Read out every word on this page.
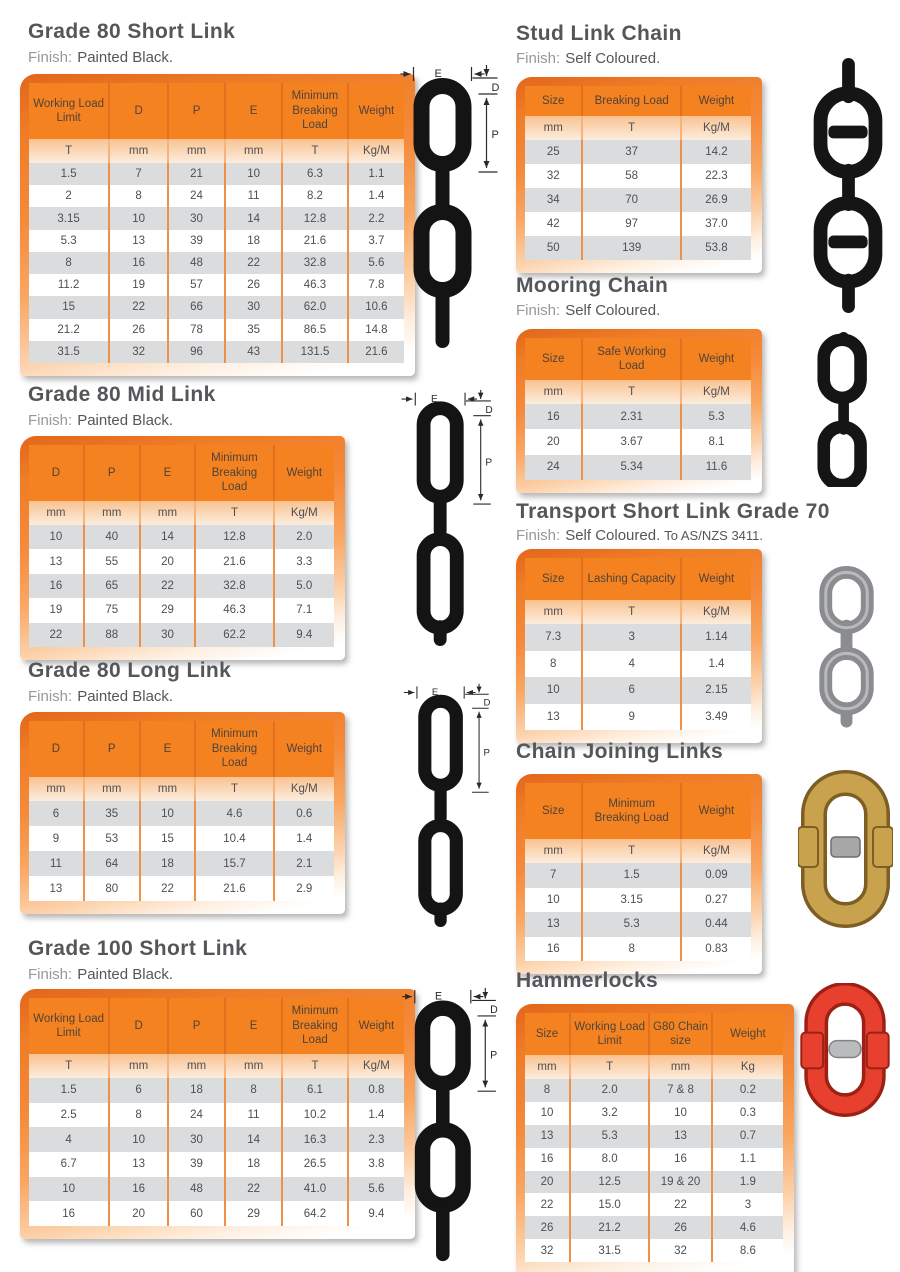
Grade 80 Short Link
Finish: Painted Black.
Working Load Limit	D	P	E	Minimum Breaking Load	Weight
T	mm	mm	mm	T	Kg/M
1.5	7	21	10	6.3	1.1
2	8	24	11	8.2	1.4
3.15	10	30	14	12.8	2.2
5.3	13	39	18	21.6	3.7
8	16	48	22	32.8	5.6
11.2	19	57	26	46.3	7.8
15	22	66	30	62.0	10.6
21.2	26	78	35	86.5	14.8
31.5	32	96	43	131.5	21.6
Grade 80 Mid Link
Finish: Painted Black.
D	P	E	Minimum Breaking Load	Weight
mm	mm	mm	T	Kg/M
10	40	14	12.8	2.0
13	55	20	21.6	3.3
16	65	22	32.8	5.0
19	75	29	46.3	7.1
22	88	30	62.2	9.4
Grade 80 Long Link
Finish: Painted Black.
D	P	E	Minimum Breaking Load	Weight
mm	mm	mm	T	Kg/M
6	35	10	4.6	0.6
9	53	15	10.4	1.4
11	64	18	15.7	2.1
13	80	22	21.6	2.9
Grade 100 Short Link
Finish: Painted Black.
Working Load Limit	D	P	E	Minimum Breaking Load	Weight
T	mm	mm	mm	T	Kg/M
1.5	6	18	8	6.1	0.8
2.5	8	24	11	10.2	1.4
4	10	30	14	16.3	2.3
6.7	13	39	18	26.5	3.8
10	16	48	22	41.0	5.6
16	20	60	29	64.2	9.4
Stud Link Chain
Finish: Self Coloured.
Size	Breaking Load	Weight
mm	T	Kg/M
25	37	14.2
32	58	22.3
34	70	26.9
42	97	37.0
50	139	53.8
Mooring Chain
Finish: Self Coloured.
Size	Safe Working Load	Weight
mm	T	Kg/M
16	2.31	5.3
20	3.67	8.1
24	5.34	11.6
Transport Short Link Grade 70
Finish: Self Coloured. To AS/NZS 3411.
Size	Lashing Capacity	Weight
mm	T	Kg/M
7.3	3	1.14
8	4	1.4
10	6	2.15
13	9	3.49
Chain Joining Links
Size	Minimum Breaking Load	Weight
mm	T	Kg/M
7	1.5	0.09
10	3.15	0.27
13	5.3	0.44
16	8	0.83
Hammerlocks
Size	Working Load Limit	G80 Chain size	Weight
mm	T	mm	Kg
8	2.0	7 & 8	0.2
10	3.2	10	0.3
13	5.3	13	0.7
16	8.0	16	1.1
20	12.5	19 & 20	1.9
22	15.0	22	3
26	21.2	26	4.6
32	31.5	32	8.6
